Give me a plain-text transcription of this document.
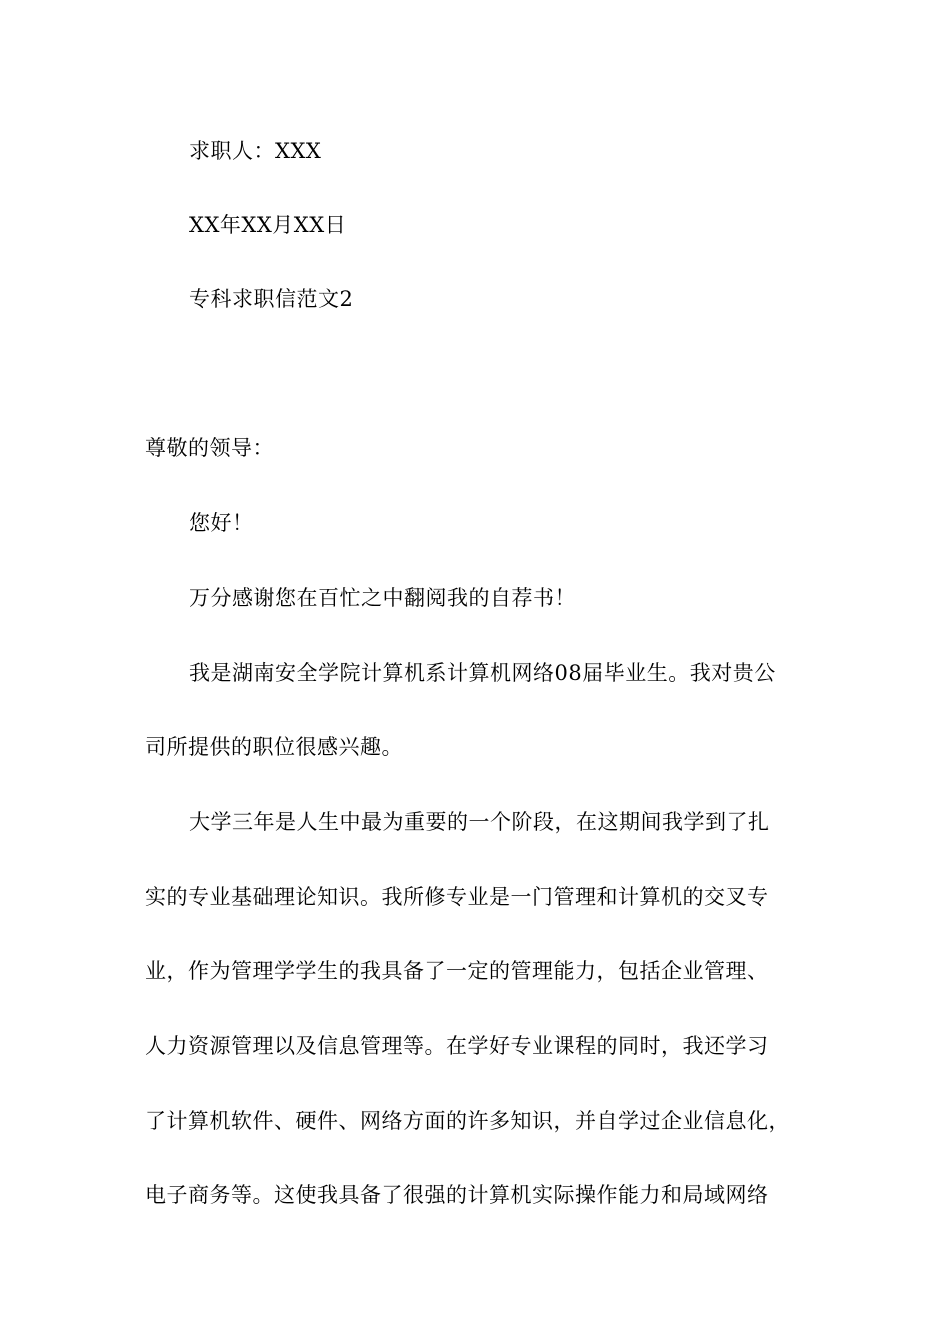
求职人：XXX
XX年XX月XX日
专科求职信范文2
尊敬的领导：
您好！
万分感谢您在百忙之中翻阅我的自荐书！
我是湖南安全学院计算机系计算机网络08届毕业生。我对贵公
司所提供的职位很感兴趣。
大学三年是人生中最为重要的一个阶段，在这期间我学到了扎
实的专业基础理论知识。我所修专业是一门管理和计算机的交叉专
业，作为管理学学生的我具备了一定的管理能力，包括企业管理、
人力资源管理以及信息管理等。在学好专业课程的同时，我还学习
了计算机软件、硬件、网络方面的许多知识，并自学过企业信息化，
电子商务等。这使我具备了很强的计算机实际操作能力和局域网络
